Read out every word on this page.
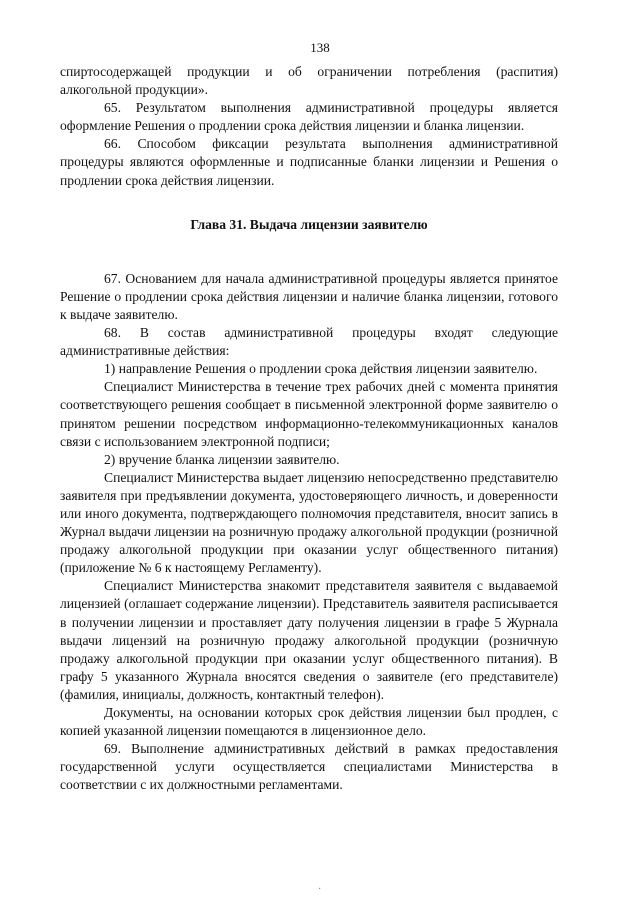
138

спиртосодержащей продукции и об ограничении потребления (распития) алкогольной продукции».

65. Результатом выполнения административной процедуры является оформление Решения о продлении срока действия лицензии и бланка лицензии.

66. Способом фиксации результата выполнения административной процедуры являются оформленные и подписанные бланки лицензии и Решения о продлении срока действия лицензии.

Глава 31. Выдача лицензии заявителю

67. Основанием для начала административной процедуры является принятое Решение о продлении срока действия лицензии и наличие бланка лицензии, готового к выдаче заявителю.

68. В состав административной процедуры входят следующие административные действия:

1) направление Решения о продлении срока действия лицензии заявителю.

Специалист Министерства в течение трех рабочих дней с момента принятия соответствующего решения сообщает в письменной электронной форме заявителю о принятом решении посредством информационно-телекоммуникационных каналов связи с использованием электронной подписи;

2) вручение бланка лицензии заявителю.

Специалист Министерства выдает лицензию непосредственно представителю заявителя при предъявлении документа, удостоверяющего личность, и доверенности или иного документа, подтверждающего полномочия представителя, вносит запись в Журнал выдачи лицензии на розничную продажу алкогольной продукции (розничной продажу алкогольной продукции при оказании услуг общественного питания) (приложение № 6 к настоящему Регламенту).

Специалист Министерства знакомит представителя заявителя с выдаваемой лицензией (оглашает содержание лицензии). Представитель заявителя расписывается в получении лицензии и проставляет дату получения лицензии в графе 5 Журнала выдачи лицензий на розничную продажу алкогольной продукции (розничную продажу алкогольной продукции при оказании услуг общественного питания). В графу 5 указанного Журнала вносятся сведения о заявителе (его представителе) (фамилия, инициалы, должность, контактный телефон).

Документы, на основании которых срок действия лицензии был продлен, с копией указанной лицензии помещаются в лицензионное дело.

69. Выполнение административных действий в рамках предоставления государственной услуги осуществляется специалистами Министерства в соответствии с их должностными регламентами.

·
